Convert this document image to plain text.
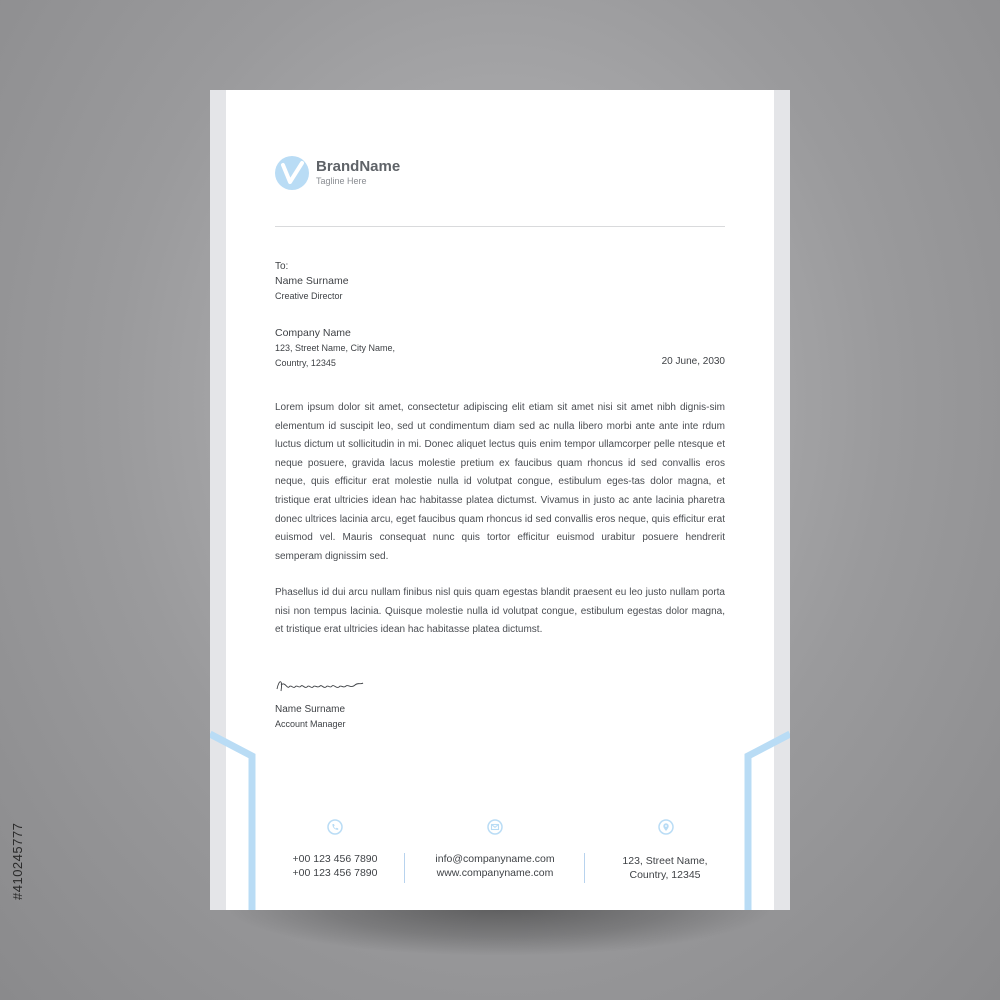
BrandName
Tagline Here
To:
Name Surname
Creative Director
Company Name
123, Street Name, City Name,
Country, 12345	20 June, 2030
Lorem ipsum dolor sit amet, consectetur adipiscing elit etiam sit amet nisi sit amet nibh dignis-sim elementum id suscipit leo, sed ut condimentum diam sed ac nulla libero morbi ante ante inte rdum luctus dictum ut sollicitudin in mi. Donec aliquet lectus quis enim tempor ullamcorper pelle ntesque et neque posuere, gravida lacus molestie pretium ex faucibus quam rhoncus id sed convallis eros neque, quis efficitur erat molestie nulla id volutpat congue, estibulum eges-tas dolor magna, et tristique erat ultricies idean hac habitasse platea dictumst. Vivamus in justo ac ante lacinia pharetra donec ultrices lacinia arcu, eget faucibus quam rhoncus id sed convallis eros neque, quis efficitur erat euismod vel. Mauris consequat nunc quis tortor efficitur euismod urabitur posuere hendrerit semperam dignissim sed.
Phasellus id dui arcu nullam finibus nisl quis quam egestas blandit praesent eu leo justo nullam porta nisi non tempus lacinia. Quisque molestie nulla id volutpat congue, estibulum egestas dolor magna, et tristique erat ultricies idean hac habitasse platea dictumst.
Name Surname
Account Manager
+00 123 456 7890
+00 123 456 7890
info@companyname.com
www.companyname.com
123, Street Name,
Country, 12345
#410245777
